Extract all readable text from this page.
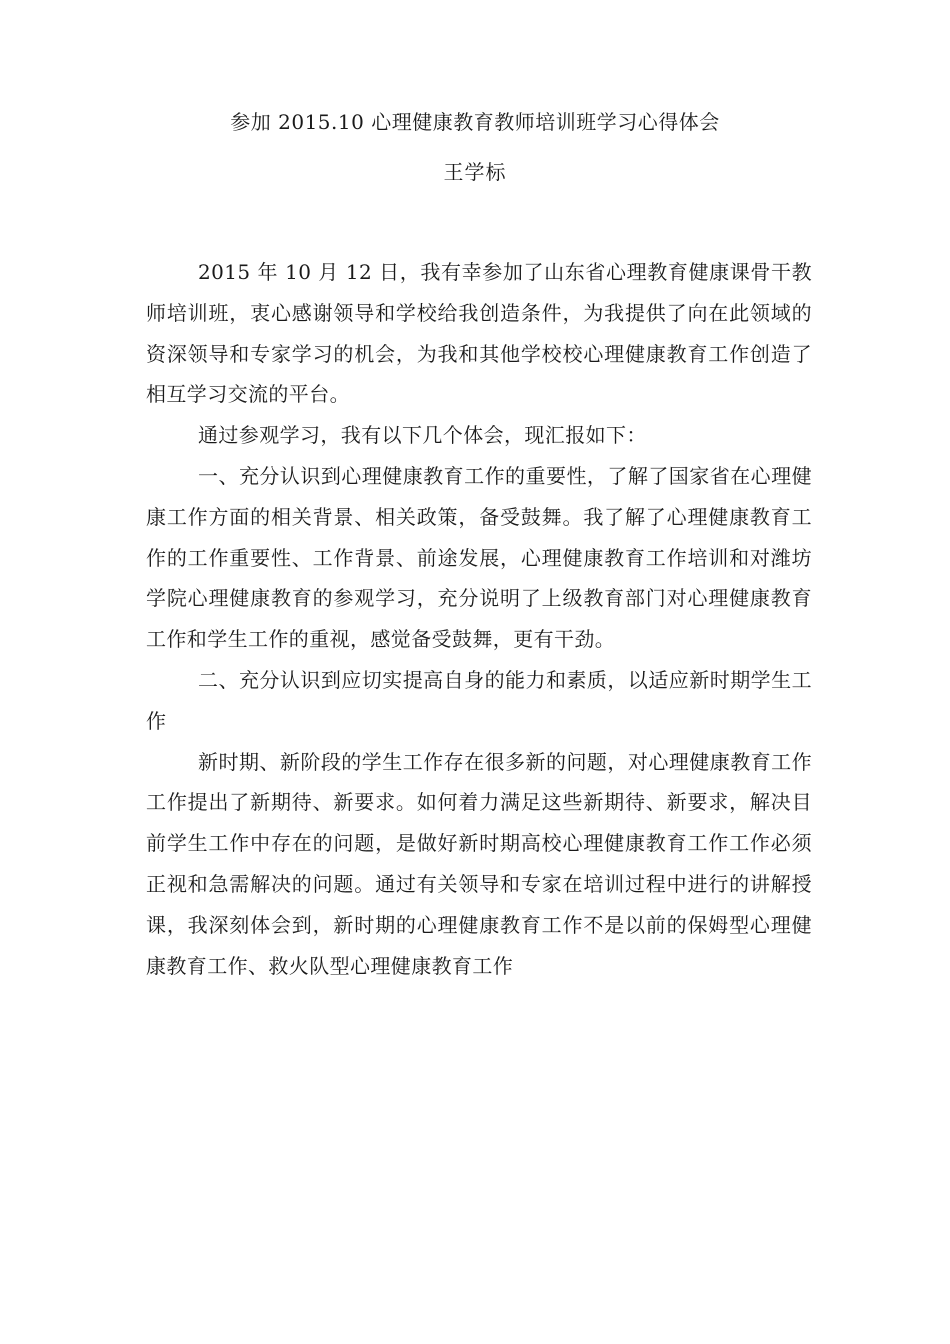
参加 2015.10 心理健康教育教师培训班学习心得体会
王学标

2015 年 10 月 12 日，我有幸参加了山东省心理教育健康课骨干教师培训班，衷心感谢领导和学校给我创造条件，为我提供了向在此领域的资深领导和专家学习的机会，为我和其他学校校心理健康教育工作创造了相互学习交流的平台。

通过参观学习，我有以下几个体会，现汇报如下：

一、充分认识到心理健康教育工作的重要性，了解了国家省在心理健康工作方面的相关背景、相关政策，备受鼓舞。我了解了心理健康教育工作的工作重要性、工作背景、前途发展，心理健康教育工作培训和对潍坊学院心理健康教育的参观学习，充分说明了上级教育部门对心理健康教育工作和学生工作的重视，感觉备受鼓舞，更有干劲。

二、充分认识到应切实提高自身的能力和素质，以适应新时期学生工作

新时期、新阶段的学生工作存在很多新的问题，对心理健康教育工作工作提出了新期待、新要求。如何着力满足这些新期待、新要求，解决目前学生工作中存在的问题，是做好新时期高校心理健康教育工作工作必须正视和急需解决的问题。通过有关领导和专家在培训过程中进行的讲解授课，我深刻体会到，新时期的心理健康教育工作不是以前的保姆型心理健康教育工作、救火队型心理健康教育工作
